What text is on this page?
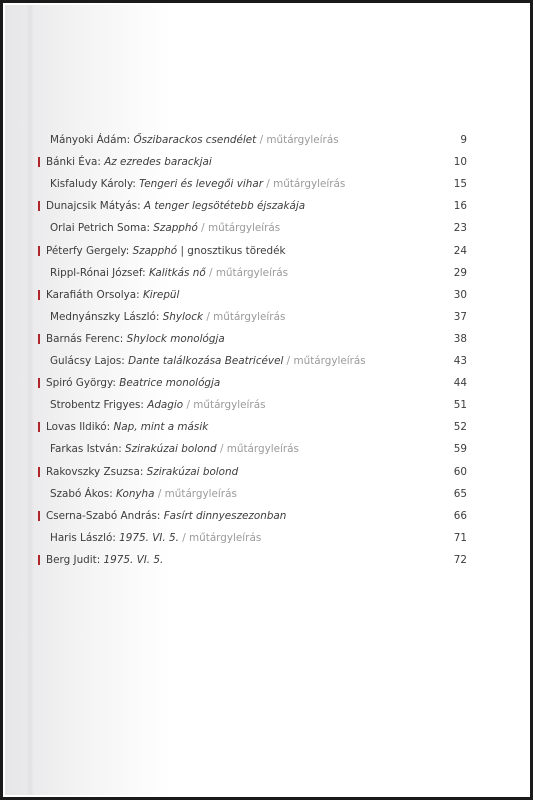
Mányoki Ádám: Őszibarackos csendélet / műtárgyleírás	9
Bánki Éva: Az ezredes barackjai	10
Kisfaludy Károly: Tengeri és levegői vihar / műtárgyleírás	15
Dunajcsik Mátyás: A tenger legsötétebb éjszakája	16
Orlai Petrich Soma: Szapphó / műtárgyleírás	23
Péterfy Gergely: Szapphó | gnosztikus töredék	24
Rippl-Rónai József: Kalitkás nő / műtárgyleírás	29
Karafiáth Orsolya: Kirepül	30
Mednyánszky László: Shylock / műtárgyleírás	37
Barnás Ferenc: Shylock monológja	38
Gulácsy Lajos: Dante találkozása Beatricével / műtárgyleírás	43
Spiró György: Beatrice monológja	44
Strobentz Frigyes: Adagio / műtárgyleírás	51
Lovas Ildikó: Nap, mint a másik	52
Farkas István: Szirakúzai bolond / műtárgyleírás	59
Rakovszky Zsuzsa: Szirakúzai bolond	60
Szabó Ákos: Konyha / műtárgyleírás	65
Cserna-Szabó András: Fasírt dinnyeszezonban	66
Haris László: 1975. VI. 5. / műtárgyleírás	71
Berg Judit: 1975. VI. 5.	72
